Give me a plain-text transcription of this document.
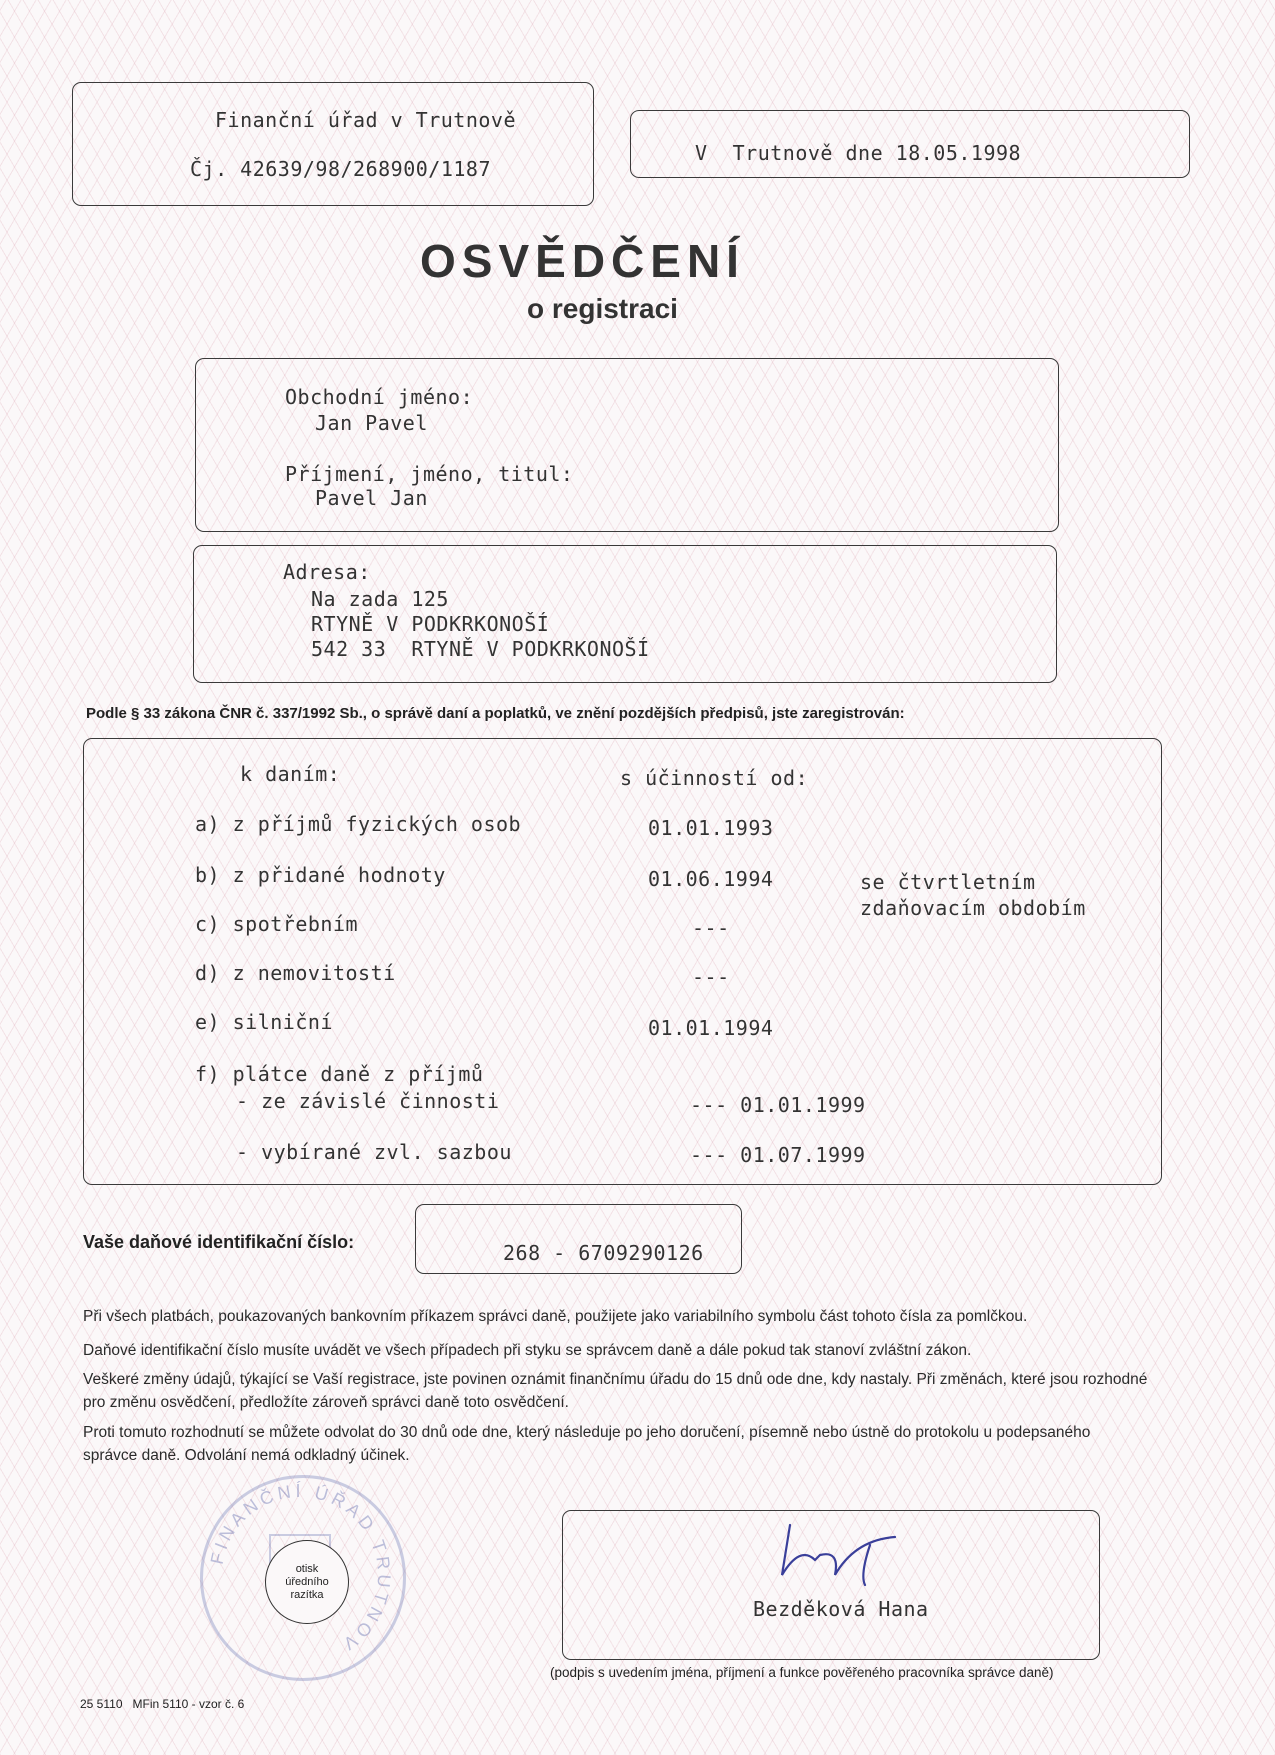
Finanční úřad v Trutnově
Čj. 42639/98/268900/1187
V  Trutnově dne 18.05.1998
OSVĚDČENÍ
o registraci
Obchodní jméno:
Jan Pavel
Příjmení, jméno, titul:
Pavel Jan
Adresa:
Na zada 125
RTYNĚ V PODKRKONOŠÍ
542 33  RTYNĚ V PODKRKONOŠÍ
Podle § 33 zákona ČNR č. 337/1992 Sb., o správě daní a poplatků, ve znění pozdějších předpisů, jste zaregistrován:
k daním:	s účinností od:
a) z příjmů fyzických osob	01.01.1993
b) z přidané hodnoty	01.06.1994	se čtvrtletním
zdaňovacím obdobím
c) spotřebním	---
d) z nemovitostí	---
e) silniční	01.01.1994
f) plátce daně z příjmů
- ze závislé činnosti	--- 01.01.1999
- vybírané zvl. sazbou	--- 01.07.1999
Vaše daňové identifikační číslo:	268 - 6709290126
Při všech platbách, poukazovaných bankovním příkazem správci daně, použijete jako variabilního symbolu část tohoto čísla za pomlčkou.
Daňové identifikační číslo musíte uvádět ve všech případech při styku se správcem daně a dále pokud tak stanoví zvláštní zákon.
Veškeré změny údajů, týkající se Vaší registrace, jste povinen oznámit finančnímu úřadu do 15 dnů ode dne, kdy nastaly. Při změnách, které jsou rozhodné pro změnu osvědčení, předložíte zároveň správci daně toto osvědčení.
Proti tomuto rozhodnutí se můžete odvolat do 30 dnů ode dne, který následuje po jeho doručení, písemně nebo ústně do protokolu u podepsaného správce daně. Odvolání nemá odkladný účinek.
FINANČNÍ ÚŘAD TRUTNOV
otisk
úředního
razítka
Bezděková Hana
(podpis s uvedením jména, příjmení a funkce pověřeného pracovníka správce daně)
25 5110   MFin 5110 - vzor č. 6
